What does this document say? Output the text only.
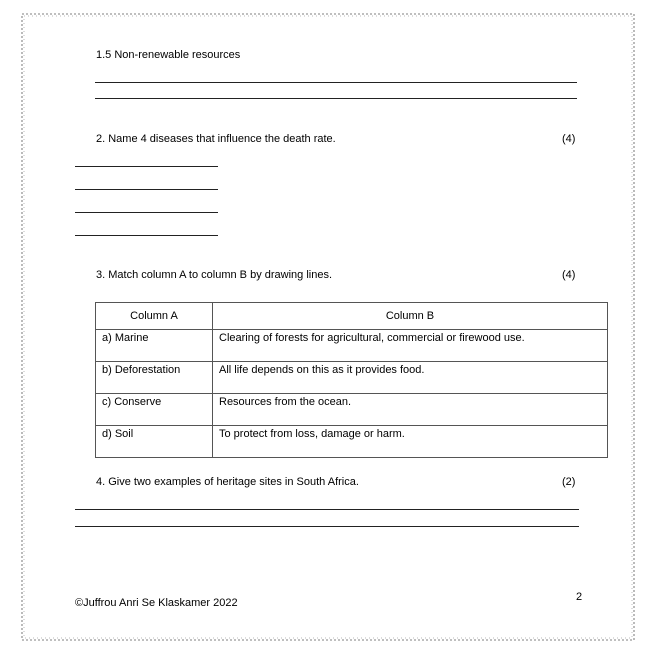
1.5 Non-renewable resources
2. Name 4 diseases that influence the death rate.	(4)
3. Match column A to column B by drawing lines.	(4)
Column A	Column B
a) Marine	Clearing of forests for agricultural, commercial or firewood use.
b) Deforestation	All life depends on this as it provides food.
c) Conserve	Resources from the ocean.
d) Soil	To protect from loss, damage or harm.
4. Give two examples of heritage sites in South Africa.	(2)
©Juffrou Anri Se Klaskamer 2022	2
